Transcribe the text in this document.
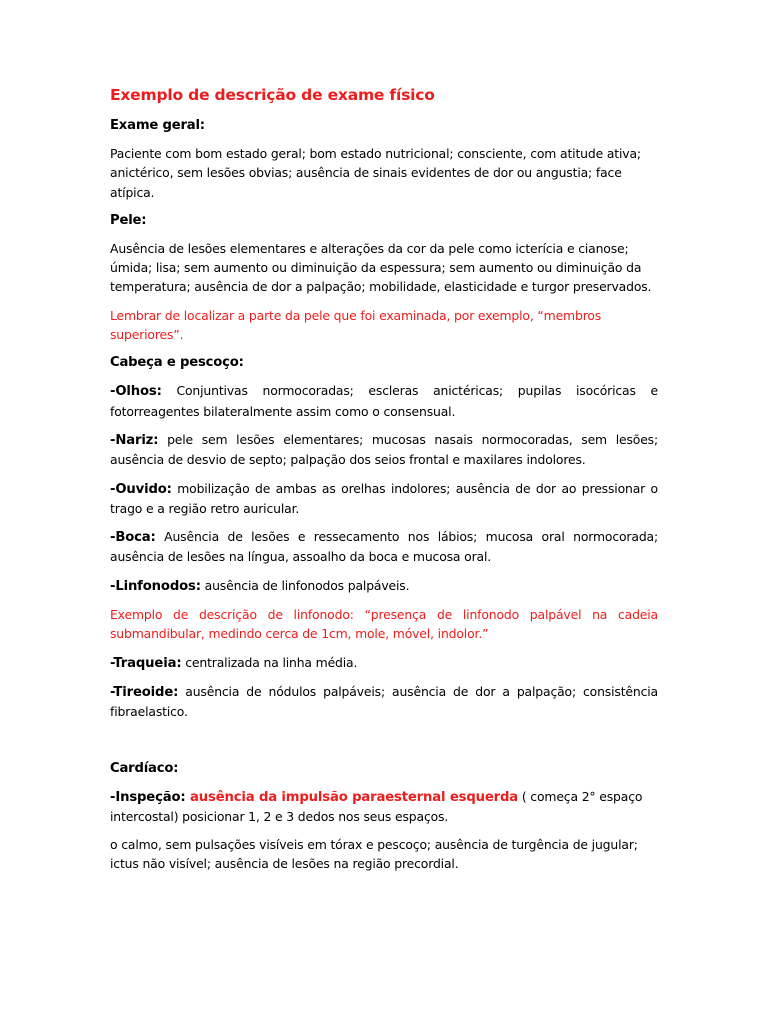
Exemplo de descrição de exame físico
Exame geral:

Paciente com bom estado geral; bom estado nutricional; consciente, com atitude ativa; anictérico, sem lesões obvias; ausência de sinais evidentes de dor ou angustia; face atípica.

Pele:

Ausência de lesões elementares e alterações da cor da pele como icterícia e cianose; úmida; lisa; sem aumento ou diminuição da espessura; sem aumento ou diminuição da temperatura; ausência de dor a palpação; mobilidade, elasticidade e turgor preservados.

Lembrar de localizar a parte da pele que foi examinada, por exemplo, “membros superiores”.

Cabeça e pescoço:

-Olhos: Conjuntivas normocoradas; escleras anictéricas; pupilas isocóricas e fotorreagentes bilateralmente assim como o consensual.

-Nariz: pele sem lesões elementares; mucosas nasais normocoradas, sem lesões; ausência de desvio de septo; palpação dos seios frontal e maxilares indolores.

-Ouvido: mobilização de ambas as orelhas indolores; ausência de dor ao pressionar o trago e a região retro auricular.

-Boca: Ausência de lesões e ressecamento nos lábios; mucosa oral normocorada; ausência de lesões na língua, assoalho da boca e mucosa oral.

-Linfonodos: ausência de linfonodos palpáveis.

Exemplo de descrição de linfonodo: “presença de linfonodo palpável na cadeia submandibular, medindo cerca de 1cm, mole, móvel, indolor.”

-Traqueia: centralizada na linha média.

-Tireoide: ausência de nódulos palpáveis; ausência de dor a palpação; consistência fibraelastico.

Cardíaco:

-Inspeção: ausência da impulsão paraesternal esquerda ( começa 2° espaço intercostal) posicionar 1, 2 e 3 dedos nos seus espaços.

o calmo, sem pulsações visíveis em tórax e pescoço; ausência de turgência de jugular; ictus não visível; ausência de lesões na região precordial.
